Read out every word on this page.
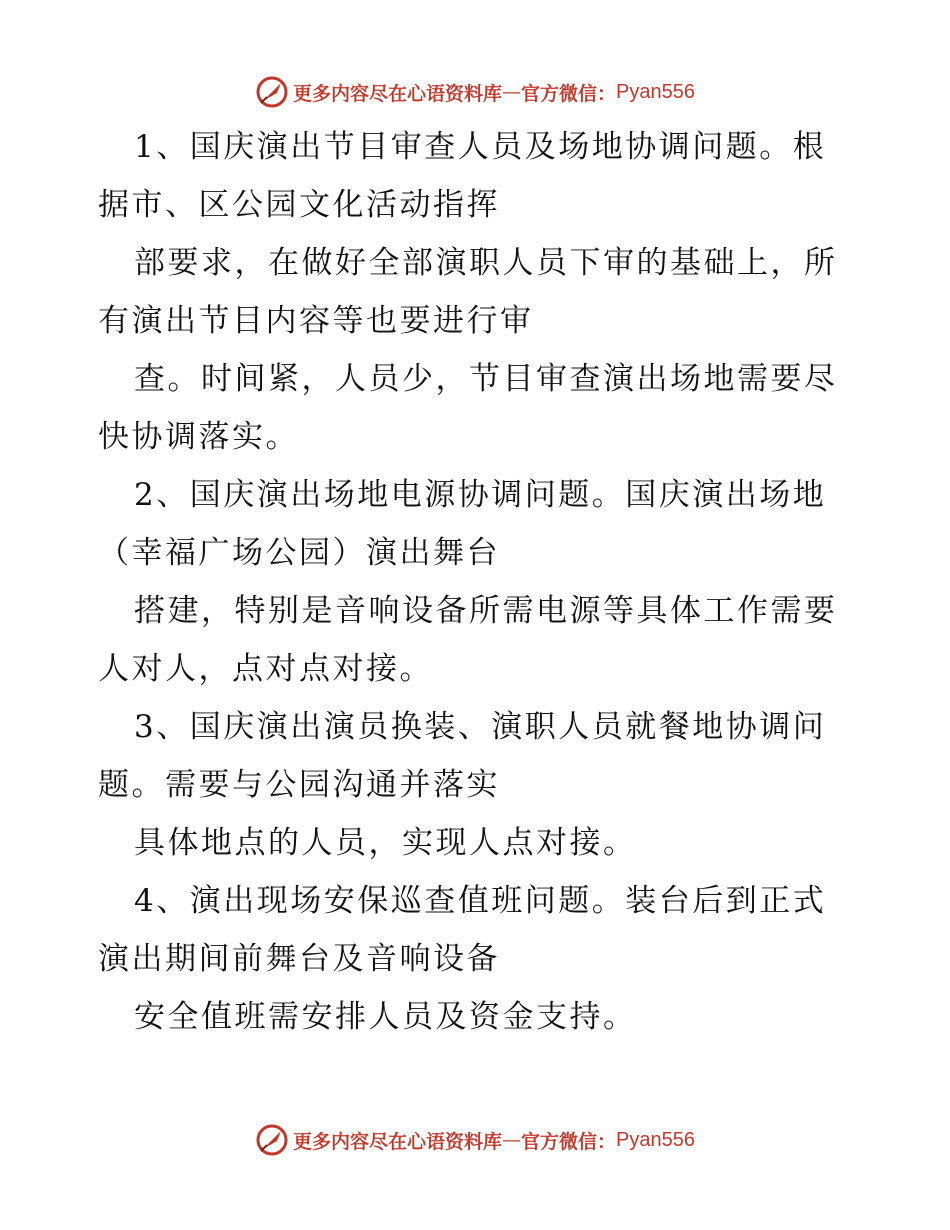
更多内容尽在心语资料库 — 官方微信： Pyan556

1、国庆演出节目审查人员及场地协调问题。根
据市、区公园文化活动指挥

部要求，在做好全部演职人员下审的基础上，所
有演出节目内容等也要进行审

查。时间紧，人员少，节目审查演出场地需要尽
快协调落实。

2、国庆演出场地电源协调问题。国庆演出场地
（幸福广场公园）演出舞台

搭建，特别是音响设备所需电源等具体工作需要
人对人，点对点对接。

3、国庆演出演员换装、演职人员就餐地协调问
题。需要与公园沟通并落实

具体地点的人员，实现人点对接。

4、演出现场安保巡查值班问题。装台后到正式
演出期间前舞台及音响设备

安全值班需安排人员及资金支持。

更多内容尽在心语资料库 — 官方微信： Pyan556
